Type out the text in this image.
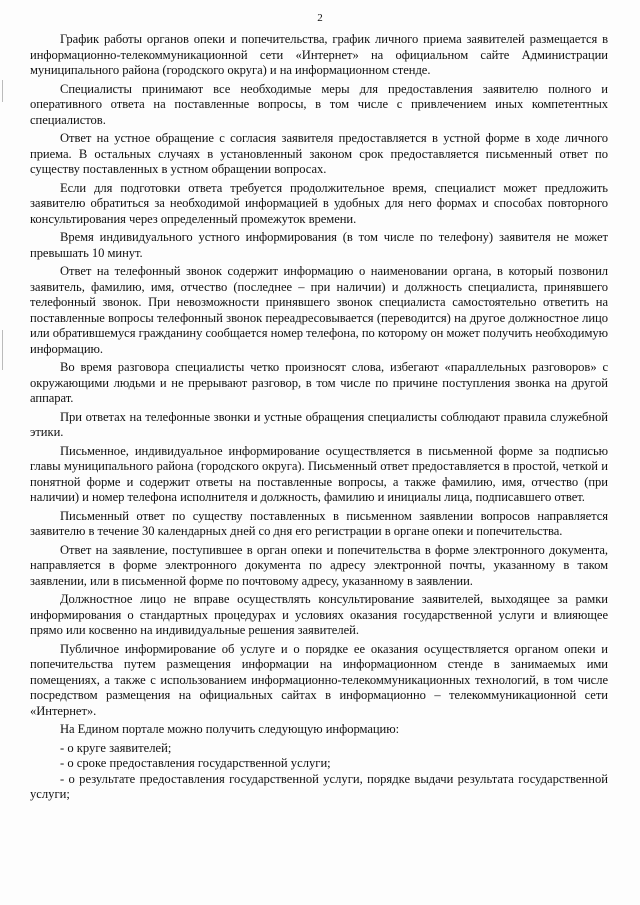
2

График работы органов опеки и попечительства, график личного приема заявителей размещается в информационно-телекоммуникационной сети «Интернет» на официальном сайте Администрации муниципального района (городского округа) и на информационном стенде.

Специалисты принимают все необходимые меры для предоставления заявителю полного и оперативного ответа на поставленные вопросы, в том числе с привлечением иных компетентных специалистов.

Ответ на устное обращение с согласия заявителя предоставляется в устной форме в ходе личного приема. В остальных случаях в установленный законом срок предоставляется письменный ответ по существу поставленных в устном обращении вопросах.

Если для подготовки ответа требуется продолжительное время, специалист может предложить заявителю обратиться за необходимой информацией в удобных для него формах и способах повторного консультирования через определенный промежуток времени.

Время индивидуального устного информирования (в том числе по телефону) заявителя не может превышать 10 минут.

Ответ на телефонный звонок содержит информацию о наименовании органа, в который позвонил заявитель, фамилию, имя, отчество (последнее – при наличии) и должность специалиста, принявшего телефонный звонок. При невозможности принявшего звонок специалиста самостоятельно ответить на поставленные вопросы телефонный звонок переадресовывается (переводится) на другое должностное лицо или обратившемуся гражданину сообщается номер телефона, по которому он может получить необходимую информацию.

Во время разговора специалисты четко произносят слова, избегают «параллельных разговоров» с окружающими людьми и не прерывают разговор, в том числе по причине поступления звонка на другой аппарат.

При ответах на телефонные звонки и устные обращения специалисты соблюдают правила служебной этики.

Письменное, индивидуальное информирование осуществляется в письменной форме за подписью главы муниципального района (городского округа). Письменный ответ предоставляется в простой, четкой и понятной форме и содержит ответы на поставленные вопросы, а также фамилию, имя, отчество (при наличии) и номер телефона исполнителя и должность, фамилию и инициалы лица, подписавшего ответ.

Письменный ответ по существу поставленных в письменном заявлении вопросов направляется заявителю в течение 30 календарных дней со дня его регистрации в органе опеки и попечительства.

Ответ на заявление, поступившее в орган опеки и попечительства в форме электронного документа, направляется в форме электронного документа по адресу электронной почты, указанному в таком заявлении, или в письменной форме по почтовому адресу, указанному в заявлении.

Должностное лицо не вправе осуществлять консультирование заявителей, выходящее за рамки информирования о стандартных процедурах и условиях оказания государственной услуги и влияющее прямо или косвенно на индивидуальные решения заявителей.

Публичное информирование об услуге и о порядке ее оказания осуществляется органом опеки и попечительства путем размещения информации на информационном стенде в занимаемых ими помещениях, а также с использованием информационно-телекоммуникационных технологий, в том числе посредством размещения на официальных сайтах в информационно – телекоммуникационной сети «Интернет».

На Едином портале можно получить следующую информацию:

- о круге заявителей;

- о сроке предоставления государственной услуги;

- о результате предоставления государственной услуги, порядке выдачи результата государственной услуги;
